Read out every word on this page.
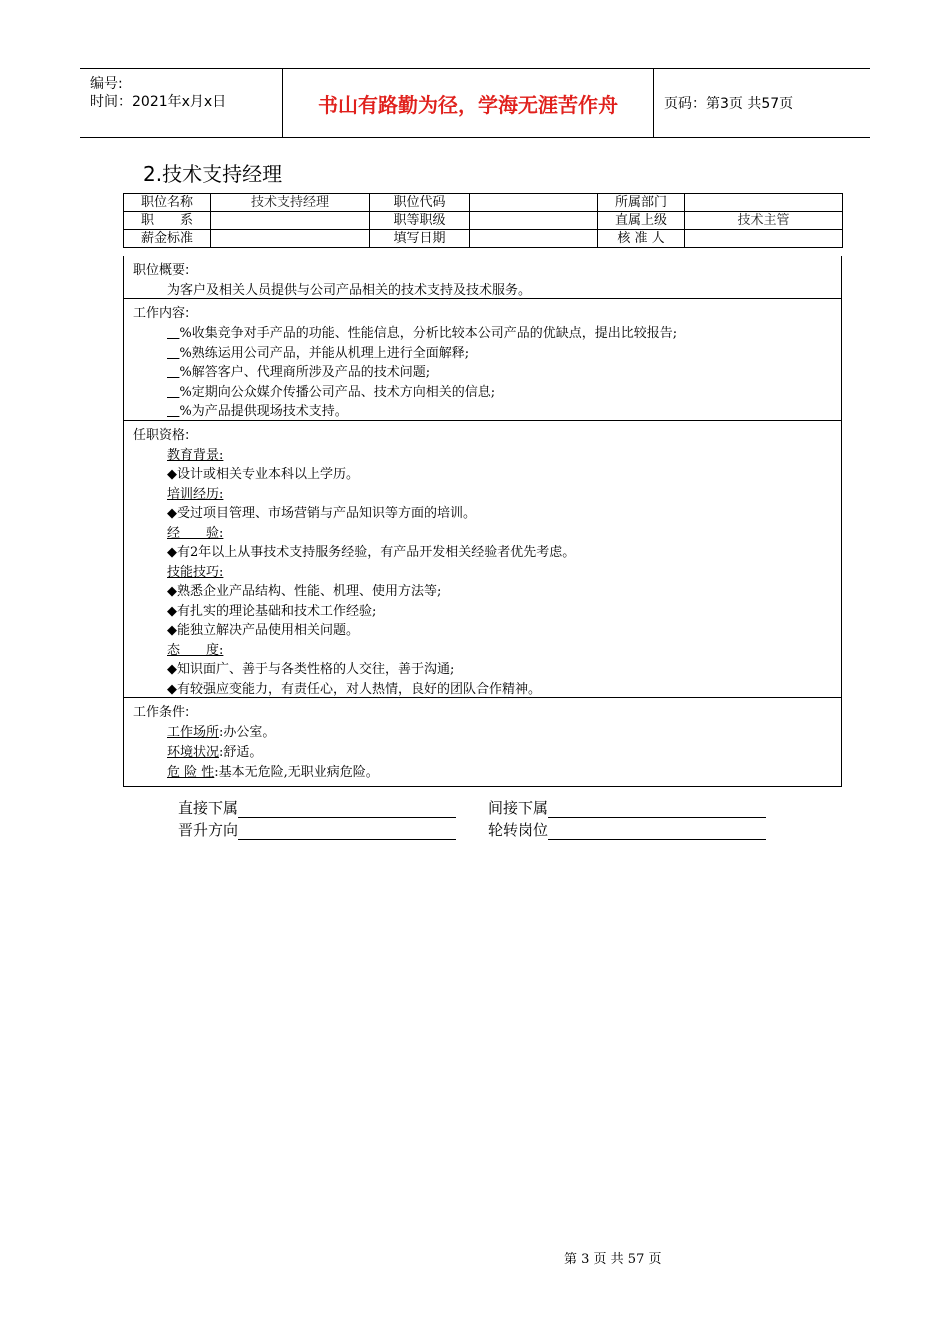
编号:
时间：2021年x月x日	书山有路勤为径，学海无涯苦作舟	页码：第3页 共57页
2.技术支持经理
职位名称	技术支持经理	职位代码		所属部门	
职　　系		职等职级		直属上级	技术主管
薪金标准		填写日期		核 准 人	
职位概要:
为客户及相关人员提供与公司产品相关的技术支持及技术服务。
工作内容:
%收集竞争对手产品的功能、性能信息，分析比较本公司产品的优缺点，提出比较报告;
%熟练运用公司产品，并能从机理上进行全面解释;
%解答客户、代理商所涉及产品的技术问题;
%定期向公众媒介传播公司产品、技术方向相关的信息;
%为产品提供现场技术支持。
任职资格:
教育背景:
◆设计或相关专业本科以上学历。
培训经历:
◆受过项目管理、市场营销与产品知识等方面的培训。
经　　验:
◆有2年以上从事技术支持服务经验，有产品开发相关经验者优先考虑。
技能技巧:
◆熟悉企业产品结构、性能、机理、使用方法等;
◆有扎实的理论基础和技术工作经验;
◆能独立解决产品使用相关问题。
态　　度:
◆知识面广、善于与各类性格的人交往，善于沟通;
◆有较强应变能力，有责任心，对人热情，良好的团队合作精神。
工作条件:
工作场所:办公室。
环境状况:舒适。
危 险 性:基本无危险,无职业病危险。
直接下属	间接下属
晋升方向	轮转岗位
第 3 页 共 57 页
